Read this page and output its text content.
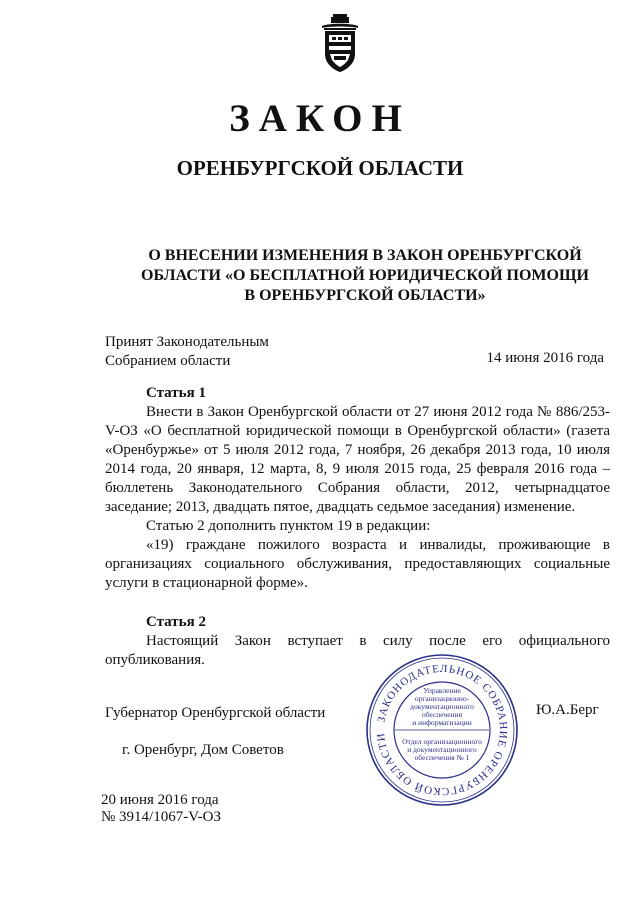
ЗАКОН
ОРЕНБУРГСКОЙ ОБЛАСТИ
О ВНЕСЕНИИ ИЗМЕНЕНИЯ В ЗАКОН ОРЕНБУРГСКОЙ
ОБЛАСТИ «О БЕСПЛАТНОЙ ЮРИДИЧЕСКОЙ ПОМОЩИ
В ОРЕНБУРГСКОЙ ОБЛАСТИ»
Принят Законодательным
Собранием области	14 июня 2016 года
Статья 1

Внести в Закон Оренбургской области от 27 июня 2012 года № 886/253-V-ОЗ «О бесплатной юридической помощи в Оренбургской области» (газета «Оренбуржье» от 5 июля 2012 года, 7 ноября, 26 декабря 2013 года, 10 июля 2014 года, 20 января, 12 марта, 8, 9 июля 2015 года, 25 февраля 2016 года – бюллетень Законодательного Собрания области, 2012, четырнадцатое заседание; 2013, двадцать пятое, двадцать седьмое заседания) изменение.

Статью 2 дополнить пунктом 19 в редакции:

«19) граждане пожилого возраста и инвалиды, проживающие в организациях социального обслуживания, предоставляющих социальные услуги в стационарной форме».

Статья 2

Настоящий Закон вступает в силу после его официального опубликования.

Губернатор Оренбургской области
г. Оренбург, Дом Советов
Ю.А.Берг
20 июня 2016 года
№ 3914/1067-V-ОЗ
ЗАКОНОДАТЕЛЬНОЕ СОБРАНИЕ ОРЕНБУРГСКОЙ ОБЛАСТИ
Управление
организационно-
документационного
обеспечения
и информатизации
Отдел организационного
и документационного
обеспечения № 1
